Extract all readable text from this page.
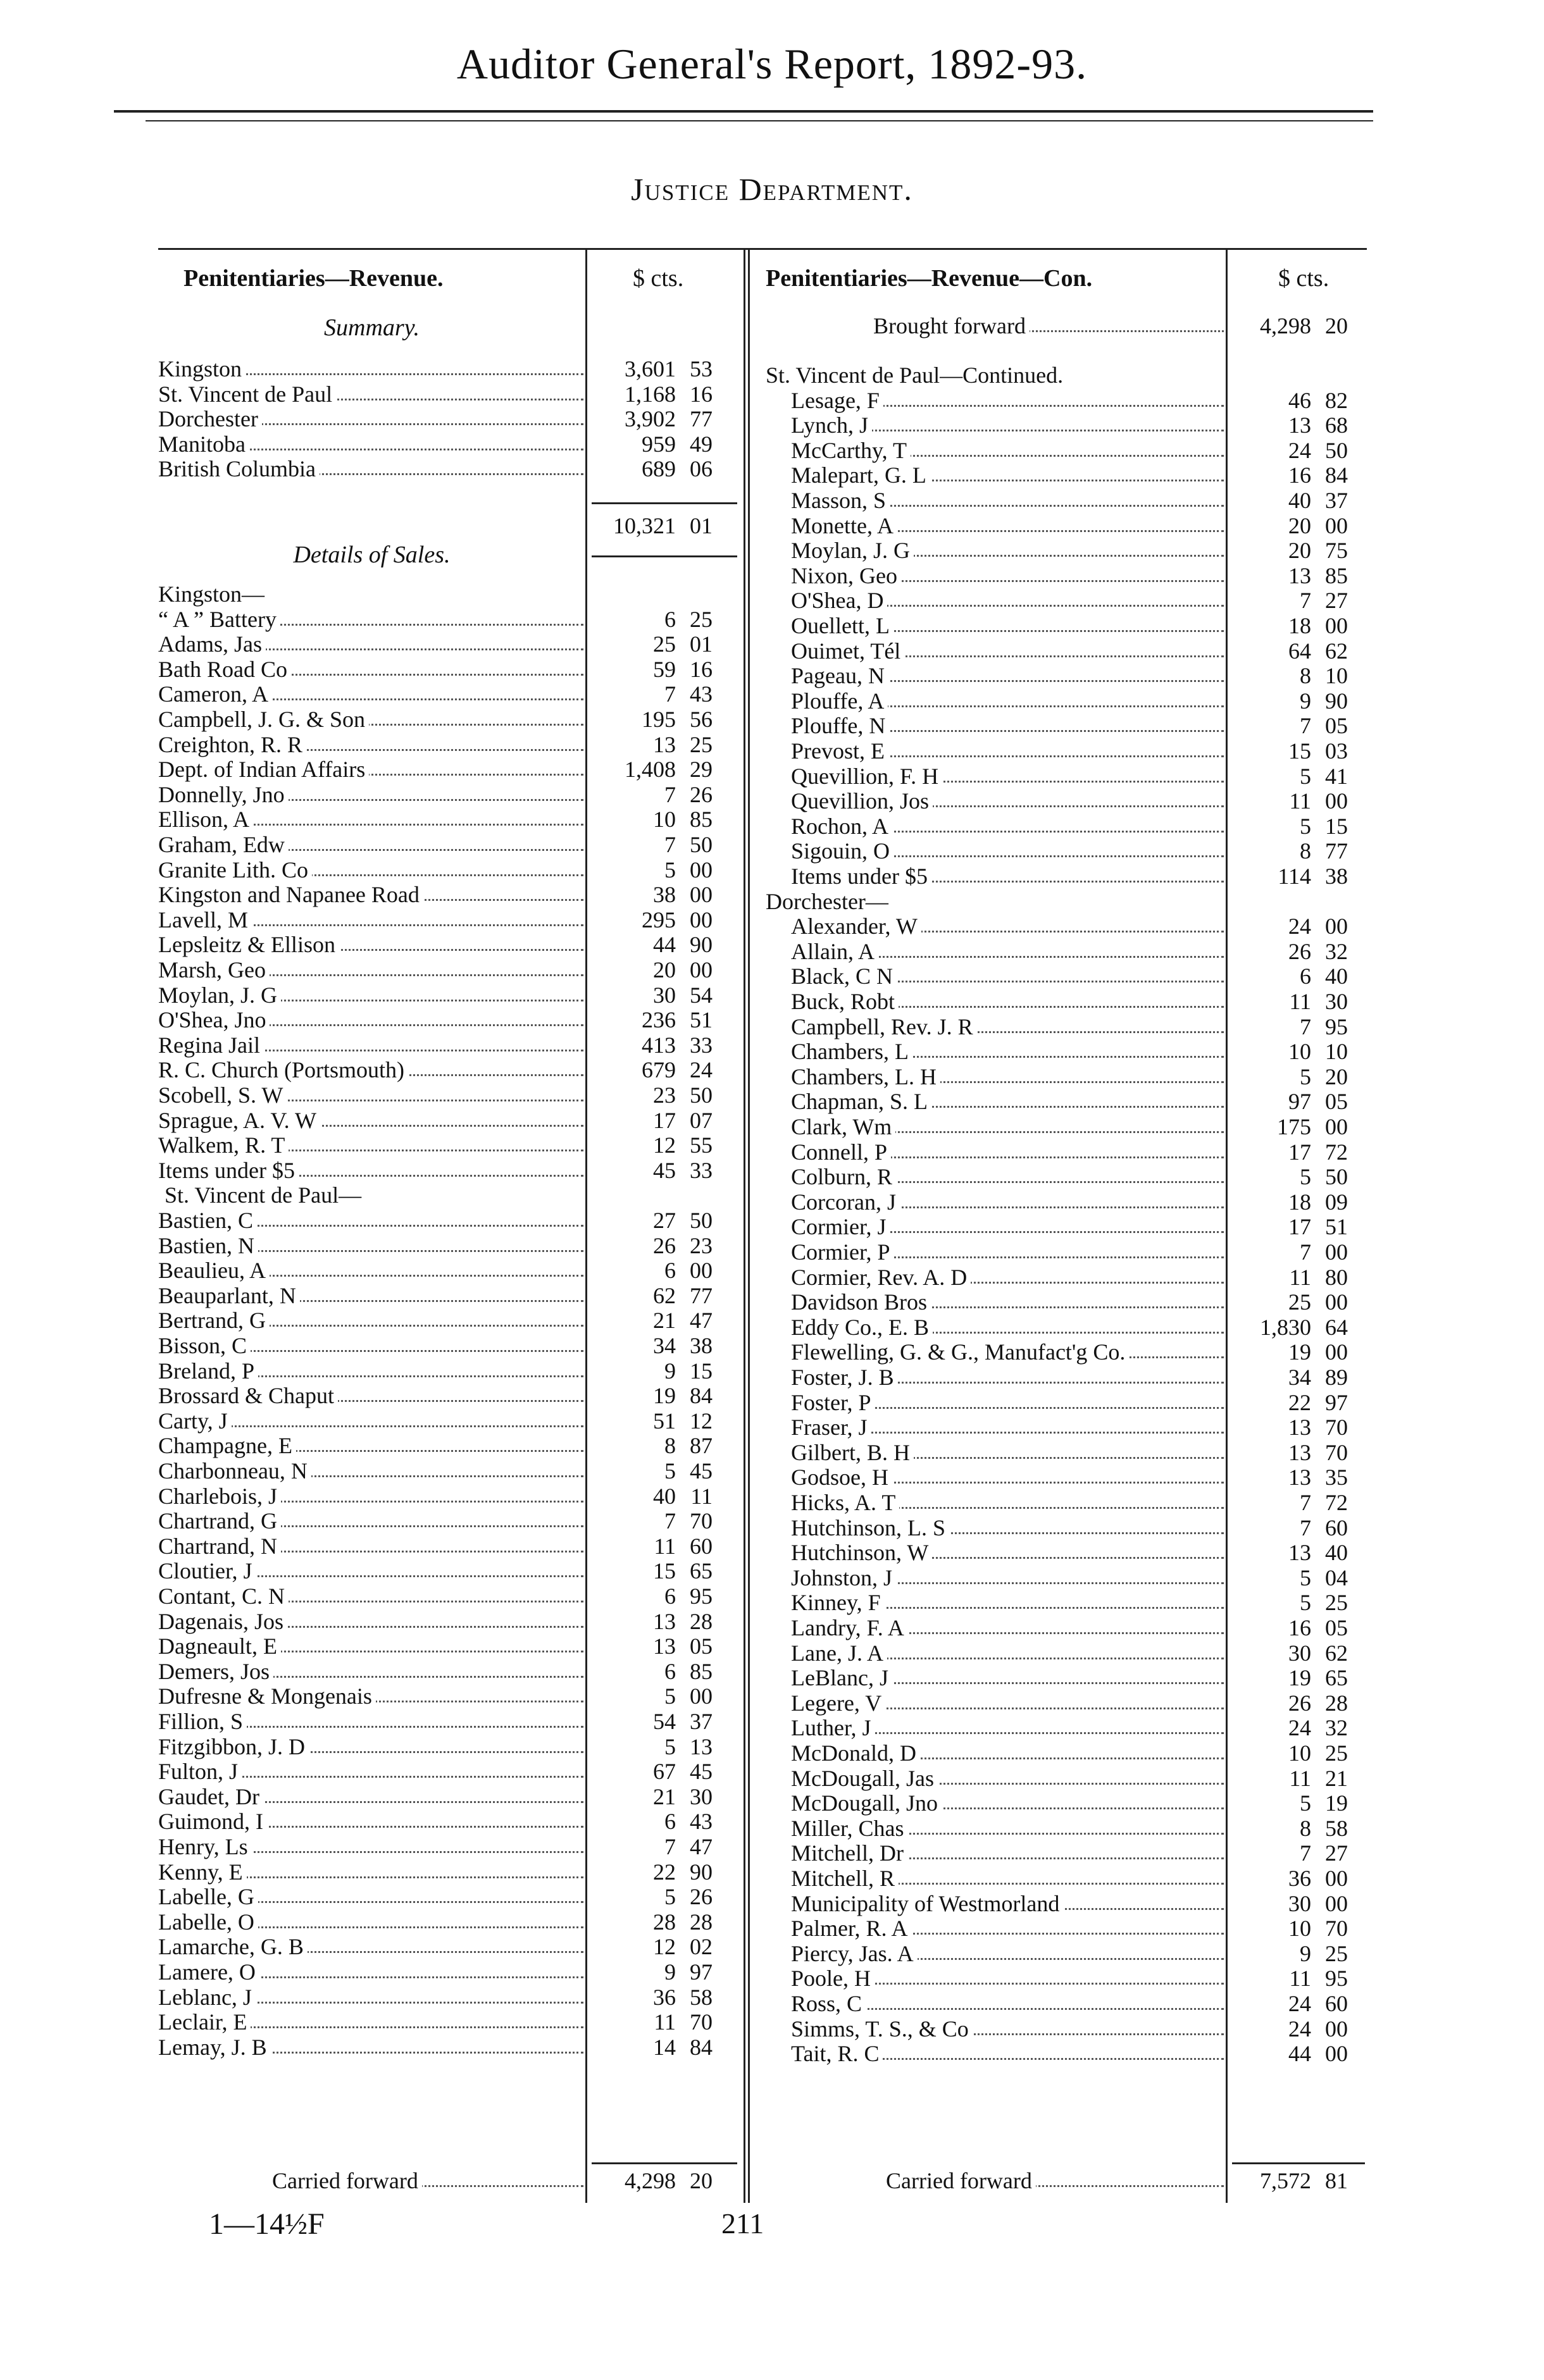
Auditor General's Report, 1892-93.
Justice Department.
Penitentiaries—Revenue.	$ cts.	Penitentiaries—Revenue—Con.	$ cts.
Summary.
Details of Sales.
Kingston	3,601 53
St. Vincent de Paul	1,168 16
Dorchester	3,902 77
Manitoba	959 49
British Columbia	689 06
10,321 01
Kingston—
“ A ” Battery	6 25
Adams, Jas	25 01
Bath Road Co	59 16
Cameron, A	7 43
Campbell, J. G. & Son	195 56
Creighton, R. R	13 25
Dept. of Indian Affairs	1,408 29
Donnelly, Jno	7 26
Ellison, A	10 85
Graham, Edw	7 50
Granite Lith. Co	5 00
Kingston and Napanee Road	38 00
Lavell, M	295 00
Lepsleitz & Ellison	44 90
Marsh, Geo	20 00
Moylan, J. G	30 54
O'Shea, Jno	236 51
Regina Jail	413 33
R. C. Church (Portsmouth)	679 24
Scobell, S. W	23 50
Sprague, A. V. W	17 07
Walkem, R. T	12 55
Items under $5	45 33
St. Vincent de Paul—
Bastien, C	27 50
Bastien, N	26 23
Beaulieu, A	6 00
Beauparlant, N	62 77
Bertrand, G	21 47
Bisson, C	34 38
Breland, P	9 15
Brossard & Chaput	19 84
Carty, J	51 12
Champagne, E	8 87
Charbonneau, N	5 45
Charlebois, J	40 11
Chartrand, G	7 70
Chartrand, N	11 60
Cloutier, J	15 65
Contant, C. N	6 95
Dagenais, Jos	13 28
Dagneault, E	13 05
Demers, Jos	6 85
Dufresne & Mongenais	5 00
Fillion, S	54 37
Fitzgibbon, J. D	5 13
Fulton, J	67 45
Gaudet, Dr	21 30
Guimond, I	6 43
Henry, Ls	7 47
Kenny, E	22 90
Labelle, G	5 26
Labelle, O	28 28
Lamarche, G. B	12 02
Lamere, O	9 97
Leblanc, J	36 58
Leclair, E	11 70
Lemay, J. B	14 84
Carried forward	4,298 20
Brought forward	4,298 20
St. Vincent de Paul—Continued.
Lesage, F	46 82
Lynch, J	13 68
McCarthy, T	24 50
Malepart, G. L	16 84
Masson, S	40 37
Monette, A	20 00
Moylan, J. G	20 75
Nixon, Geo	13 85
O'Shea, D	7 27
Ouellett, L	18 00
Ouimet, Tél	64 62
Pageau, N	8 10
Plouffe, A	9 90
Plouffe, N	7 05
Prevost, E	15 03
Quevillion, F. H	5 41
Quevillion, Jos	11 00
Rochon, A	5 15
Sigouin, O	8 77
Items under $5	114 38
Dorchester—
Alexander, W	24 00
Allain, A	26 32
Black, C N	6 40
Buck, Robt	11 30
Campbell, Rev. J. R	7 95
Chambers, L	10 10
Chambers, L. H	5 20
Chapman, S. L	97 05
Clark, Wm	175 00
Connell, P	17 72
Colburn, R	5 50
Corcoran, J	18 09
Cormier, J	17 51
Cormier, P	7 00
Cormier, Rev. A. D	11 80
Davidson Bros	25 00
Eddy Co., E. B	1,830 64
Flewelling, G. & G., Manufact'g Co.	19 00
Foster, J. B	34 89
Foster, P	22 97
Fraser, J	13 70
Gilbert, B. H	13 70
Godsoe, H	13 35
Hicks, A. T	7 72
Hutchinson, L. S	7 60
Hutchinson, W	13 40
Johnston, J	5 04
Kinney, F	5 25
Landry, F. A	16 05
Lane, J. A	30 62
LeBlanc, J	19 65
Legere, V	26 28
Luther, J	24 32
McDonald, D	10 25
McDougall, Jas	11 21
McDougall, Jno	5 19
Miller, Chas	8 58
Mitchell, Dr	7 27
Mitchell, R	36 00
Municipality of Westmorland	30 00
Palmer, R. A	10 70
Piercy, Jas. A	9 25
Poole, H	11 95
Ross, C	24 60
Simms, T. S., & Co	24 00
Tait, R. C	44 00
Carried forward	7,572 81
1—14½F	211
